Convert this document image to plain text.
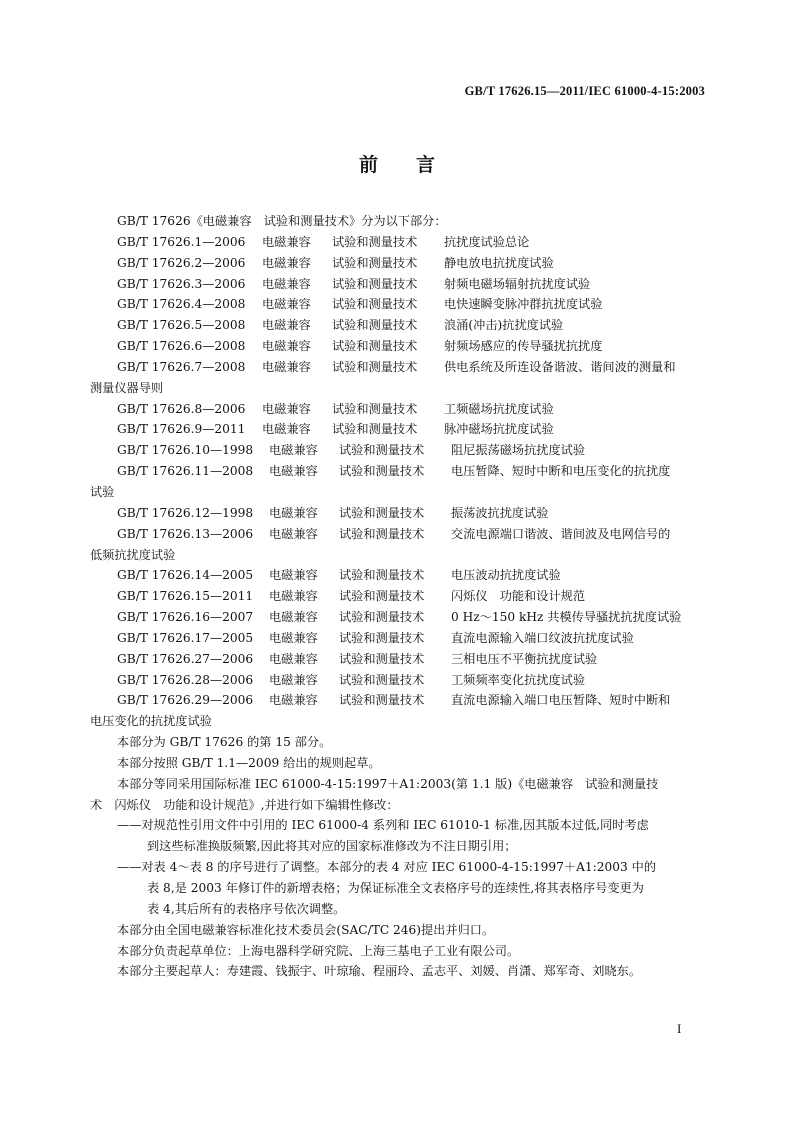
GB/T 17626.15—2011/IEC 61000-4-15:2003
前言
GB/T 17626《电磁兼容　试验和测量技术》分为以下部分：
GB/T 17626.1—2006	电磁兼容	试验和测量技术	抗扰度试验总论
GB/T 17626.2—2006	电磁兼容	试验和测量技术	静电放电抗扰度试验
GB/T 17626.3—2006	电磁兼容	试验和测量技术	射频电磁场辐射抗扰度试验
GB/T 17626.4—2008	电磁兼容	试验和测量技术	电快速瞬变脉冲群抗扰度试验
GB/T 17626.5—2008	电磁兼容	试验和测量技术	浪涌(冲击)抗扰度试验
GB/T 17626.6—2008	电磁兼容	试验和测量技术	射频场感应的传导骚扰抗扰度
GB/T 17626.7—2008	电磁兼容	试验和测量技术	供电系统及所连设备谐波、谐间波的测量和
测量仪器导则
GB/T 17626.8—2006	电磁兼容	试验和测量技术	工频磁场抗扰度试验
GB/T 17626.9—2011	电磁兼容	试验和测量技术	脉冲磁场抗扰度试验
GB/T 17626.10—1998	电磁兼容	试验和测量技术	阻尼振荡磁场抗扰度试验
GB/T 17626.11—2008	电磁兼容	试验和测量技术	电压暂降、短时中断和电压变化的抗扰度
试验
GB/T 17626.12—1998	电磁兼容	试验和测量技术	振荡波抗扰度试验
GB/T 17626.13—2006	电磁兼容	试验和测量技术	交流电源端口谐波、谐间波及电网信号的
低频抗扰度试验
GB/T 17626.14—2005	电磁兼容	试验和测量技术	电压波动抗扰度试验
GB/T 17626.15—2011	电磁兼容	试验和测量技术	闪烁仪　功能和设计规范
GB/T 17626.16—2007	电磁兼容	试验和测量技术	0 Hz～150 kHz 共模传导骚扰抗扰度试验
GB/T 17626.17—2005	电磁兼容	试验和测量技术	直流电源输入端口纹波抗扰度试验
GB/T 17626.27—2006	电磁兼容	试验和测量技术	三相电压不平衡抗扰度试验
GB/T 17626.28—2006	电磁兼容	试验和测量技术	工频频率变化抗扰度试验
GB/T 17626.29—2006	电磁兼容	试验和测量技术	直流电源输入端口电压暂降、短时中断和
电压变化的抗扰度试验
本部分为 GB/T 17626 的第 15 部分。
本部分按照 GB/T 1.1—2009 给出的规则起草。
本部分等同采用国际标准 IEC 61000-4-15:1997＋A1:2003(第 1.1 版)《电磁兼容　试验和测量技
术　闪烁仪　功能和设计规范》,并进行如下编辑性修改：
——对规范性引用文件中引用的 IEC 61000-4 系列和 IEC 61010-1 标准,因其版本过低,同时考虑
到这些标准换版频繁,因此将其对应的国家标准修改为不注日期引用；
——对表 4～表 8 的序号进行了调整。本部分的表 4 对应 IEC 61000-4-15:1997＋A1:2003 中的
表 8,是 2003 年修订件的新增表格；为保证标准全文表格序号的连续性,将其表格序号变更为
表 4,其后所有的表格序号依次调整。
本部分由全国电磁兼容标准化技术委员会(SAC/TC 246)提出并归口。
本部分负责起草单位：上海电器科学研究院、上海三基电子工业有限公司。
本部分主要起草人：寿建霞、钱振宇、叶琼瑜、程丽玲、孟志平、刘媛、肖潇、郑军奇、刘晓东。
I
